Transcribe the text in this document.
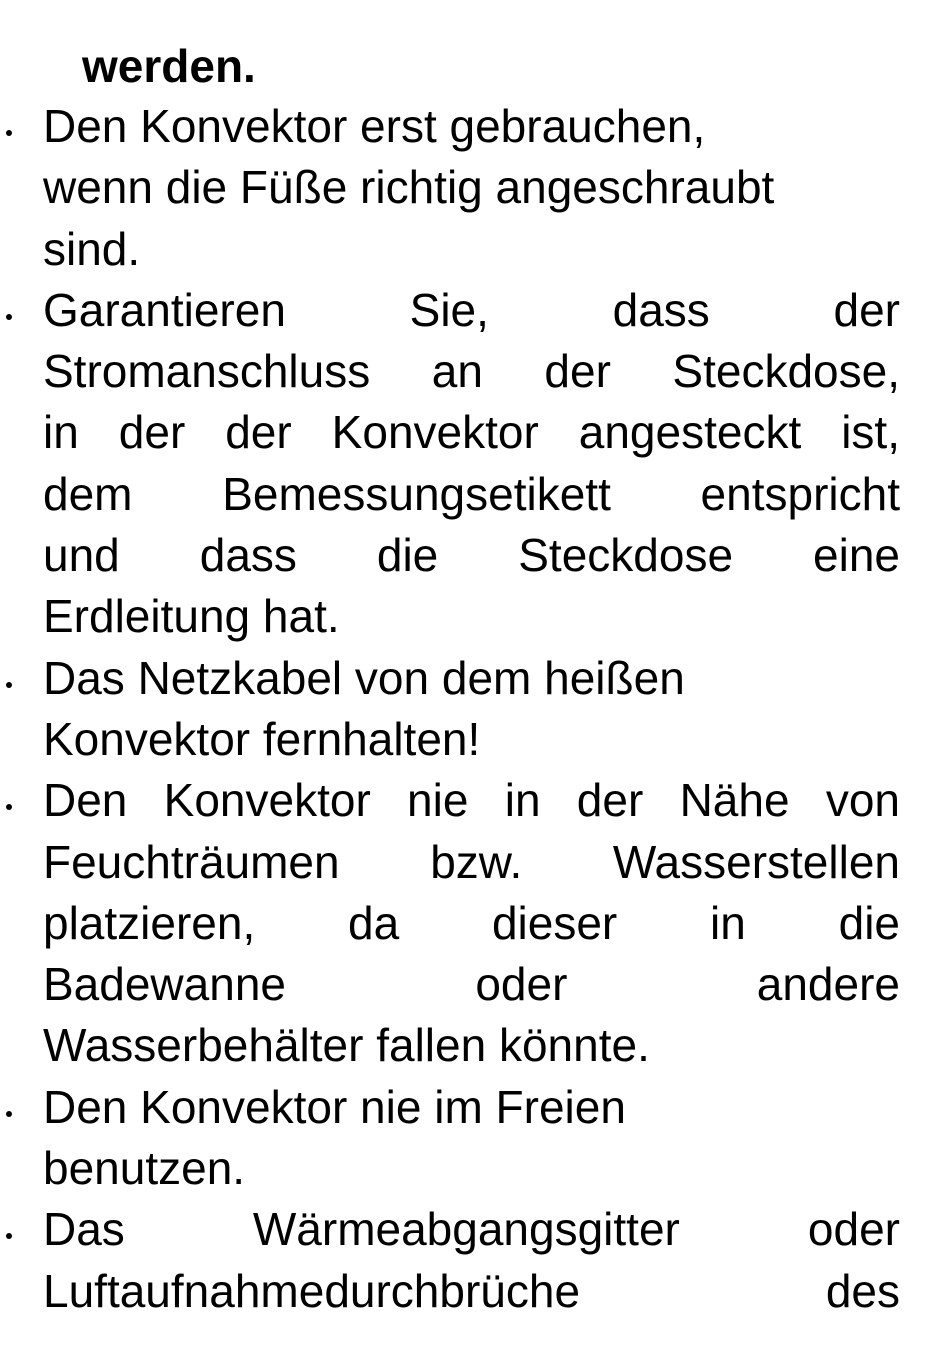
werden.

Den Konvektor erst gebrauchen,
wenn die Füße richtig angeschraubt
sind.
Garantieren Sie, dass der
Stromanschluss an der Steckdose,
in der der Konvektor angesteckt ist,
dem Bemessungsetikett entspricht
und dass die Steckdose eine
Erdleitung hat.
Das Netzkabel von dem heißen
Konvektor fernhalten!
Den Konvektor nie in der Nähe von
Feuchträumen bzw. Wasserstellen
platzieren, da dieser in die
Badewanne oder andere
Wasserbehälter fallen könnte.
Den Konvektor nie im Freien
benutzen.
Das Wärmeabgangsgitter oder
Luftaufnahmedurchbrüche des
